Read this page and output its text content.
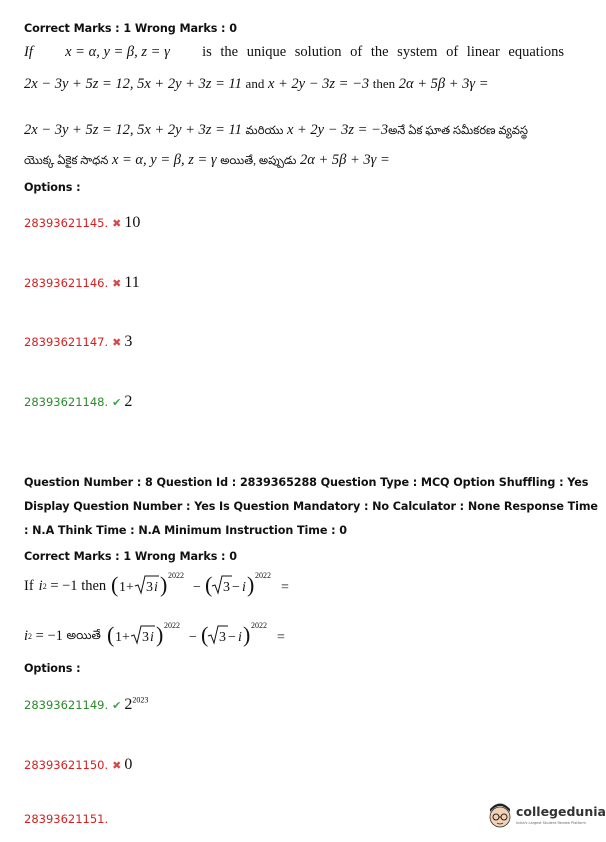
Correct Marks : 1 Wrong Marks : 0
If x = α, y = β, z = γ is the unique solution of the system of linear equations
2x − 3y + 5z = 12, 5x + 2y + 3z = 11 and x + 2y − 3z = −3 then 2α + 5β + 3γ =
2x − 3y + 5z = 12, 5x + 2y + 3z = 11 మరియు x + 2y − 3z = −3అనే ఏక ఘాత సమీకరణ వ్యవస్థ
యొక్క ఏకైక సాధన x = α, y = β, z = γ అయితే, అప్పుడు 2α + 5β + 3γ =
Options :
28393621145. ✖ 10
28393621146. ✖ 11
28393621147. ✖ 3
28393621148. ✔ 2
Question Number : 8 Question Id : 2839365288 Question Type : MCQ Option Shuffling : Yes
Display Question Number : Yes Is Question Mandatory : No Calculator : None Response Time
: N.A Think Time : N.A Minimum Instruction Time : 0
Correct Marks : 1 Wrong Marks : 0
If i 2 = −1 then ( 1+ 3 i ) 2022
− ( 3 − i ) 2022
=
i 2 = −1 అయితే ( 1+ 3 i ) 2022
− ( 3 − i ) 2022
=
Options :
28393621149. ✔ $2^{2023}$
28393621150. ✖ 0
28393621151.	collegedunia
India's Largest Student Review Platform
